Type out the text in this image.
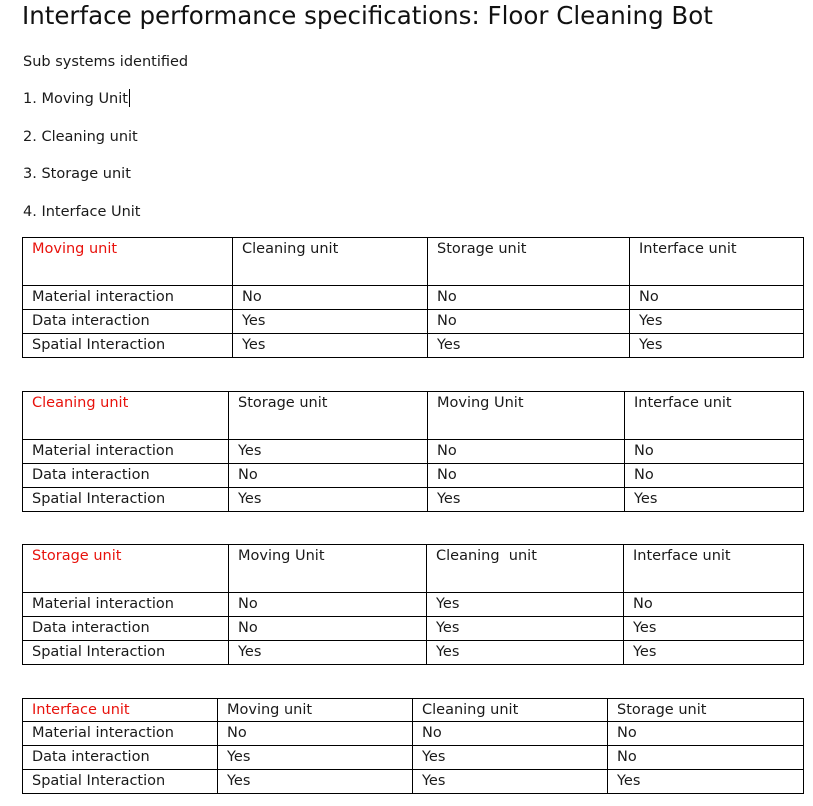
Interface performance specifications: Floor Cleaning Bot
Sub systems identified
1. Moving Unit
2. Cleaning unit
3. Storage unit
4. Interface Unit
Moving unit	Cleaning unit	Storage unit	Interface unit
Material interaction	No	No	No
Data interaction	Yes	No	Yes
Spatial Interaction	Yes	Yes	Yes
Cleaning unit	Storage unit	Moving Unit	Interface unit
Material interaction	Yes	No	No
Data interaction	No	No	No
Spatial Interaction	Yes	Yes	Yes
Storage unit	Moving Unit	Cleaning  unit	Interface unit
Material interaction	No	Yes	No
Data interaction	No	Yes	Yes
Spatial Interaction	Yes	Yes	Yes
Interface unit	Moving unit	Cleaning unit	Storage unit
Material interaction	No	No	No
Data interaction	Yes	Yes	No
Spatial Interaction	Yes	Yes	Yes
